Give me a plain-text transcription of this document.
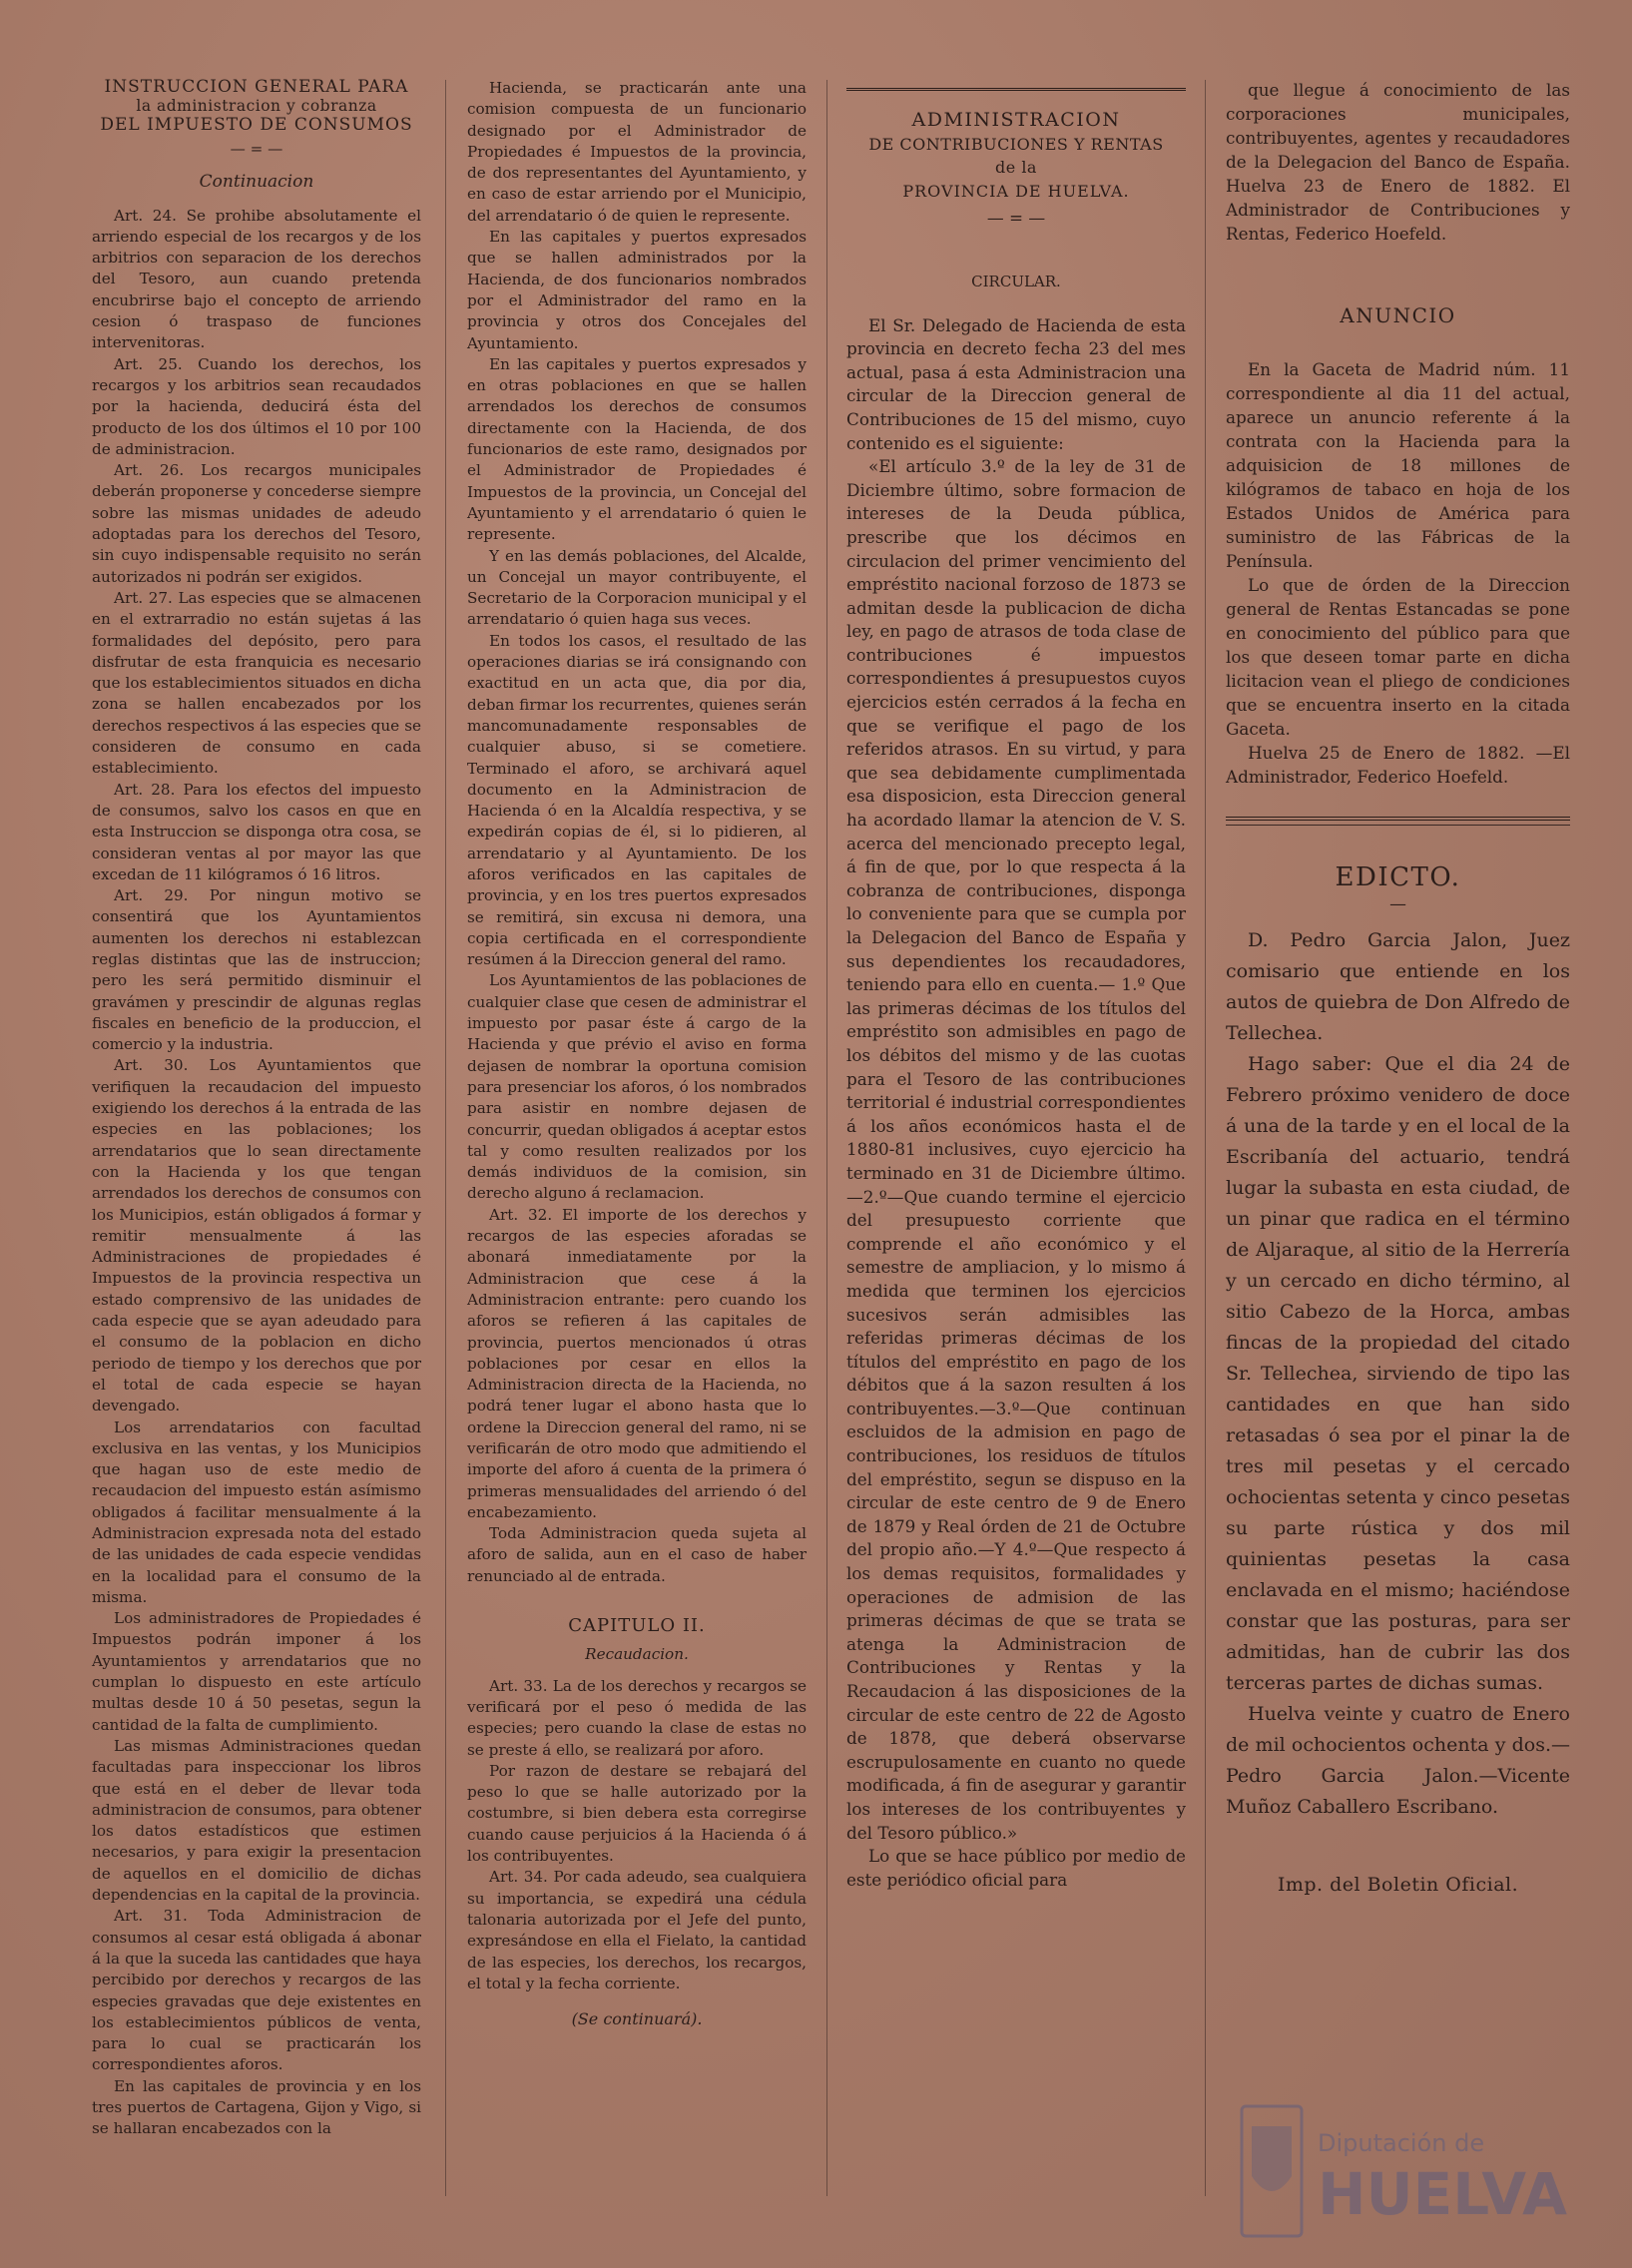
INSTRUCCION GENERAL PARA
la administracion y cobranza
DEL IMPUESTO DE CONSUMOS
— = —
Continuacion

Art. 24. Se prohibe absolutamente el arriendo especial de los recargos y de los arbitrios con separacion de los derechos del Tesoro, aun cuando pretenda encubrirse bajo el concepto de arriendo cesion ó traspaso de funciones intervenitoras.

Art. 25. Cuando los derechos, los recargos y los arbitrios sean recaudados por la hacienda, deducirá ésta del producto de los dos últimos el 10 por 100 de administracion.

Art. 26. Los recargos municipales deberán proponerse y concederse siempre sobre las mismas unidades de adeudo adoptadas para los derechos del Tesoro, sin cuyo indispensable requisito no serán autorizados ni podrán ser exigidos.

Art. 27. Las especies que se almacenen en el extrarradio no están sujetas á las formalidades del depósito, pero para disfrutar de esta franquicia es necesario que los establecimientos situados en dicha zona se hallen encabezados por los derechos respectivos á las especies que se consideren de consumo en cada establecimiento.

Art. 28. Para los efectos del impuesto de consumos, salvo los casos en que en esta Instruccion se disponga otra cosa, se consideran ventas al por mayor las que excedan de 11 kilógramos ó 16 litros.

Art. 29. Por ningun motivo se consentirá que los Ayuntamientos aumenten los derechos ni establezcan reglas distintas que las de instruccion; pero les será permitido disminuir el gravámen y prescindir de algunas reglas fiscales en beneficio de la produccion, el comercio y la industria.

Art. 30. Los Ayuntamientos que verifiquen la recaudacion del impuesto exigiendo los derechos á la entrada de las especies en las poblaciones; los arrendatarios que lo sean directamente con la Hacienda y los que tengan arrendados los derechos de consumos con los Municipios, están obligados á formar y remitir mensualmente á las Administraciones de propiedades é Impuestos de la provincia respectiva un estado comprensivo de las unidades de cada especie que se ayan adeudado para el consumo de la poblacion en dicho periodo de tiempo y los derechos que por el total de cada especie se hayan devengado.

Los arrendatarios con facultad exclusiva en las ventas, y los Municipios que hagan uso de este medio de recaudacion del impuesto están asímismo obligados á facilitar mensualmente á la Administracion expresada nota del estado de las unidades de cada especie vendidas en la localidad para el consumo de la misma.

Los administradores de Propiedades é Impuestos podrán imponer á los Ayuntamientos y arrendatarios que no cumplan lo dispuesto en este artículo multas desde 10 á 50 pesetas, segun la cantidad de la falta de cumplimiento.

Las mismas Administraciones quedan facultadas para inspeccionar los libros que está en el deber de llevar toda administracion de consumos, para obtener los datos estadísticos que estimen necesarios, y para exigir la presentacion de aquellos en el domicilio de dichas dependencias en la capital de la provincia.

Art. 31. Toda Administracion de consumos al cesar está obligada á abonar á la que la suceda las cantidades que haya percibido por derechos y recargos de las especies gravadas que deje existentes en los establecimientos públicos de venta, para lo cual se practicarán los correspondientes aforos.

En las capitales de provincia y en los tres puertos de Cartagena, Gijon y Vigo, si se hallaran encabezados con la

Hacienda, se practicarán ante una comision compuesta de un funcionario designado por el Administrador de Propiedades é Impuestos de la provincia, de dos representantes del Ayuntamiento, y en caso de estar arriendo por el Municipio, del arrendatario ó de quien le represente.

En las capitales y puertos expresados que se hallen administrados por la Hacienda, de dos funcionarios nombrados por el Administrador del ramo en la provincia y otros dos Concejales del Ayuntamiento.

En las capitales y puertos expresados y en otras poblaciones en que se hallen arrendados los derechos de consumos directamente con la Hacienda, de dos funcionarios de este ramo, designados por el Administrador de Propiedades é Impuestos de la provincia, un Concejal del Ayuntamiento y el arrendatario ó quien le represente.

Y en las demás poblaciones, del Alcalde, un Concejal un mayor contribuyente, el Secretario de la Corporacion municipal y el arrendatario ó quien haga sus veces.

En todos los casos, el resultado de las operaciones diarias se irá consignando con exactitud en un acta que, dia por dia, deban firmar los recurrentes, quienes serán mancomunadamente responsables de cualquier abuso, si se cometiere. Terminado el aforo, se archivará aquel documento en la Administracion de Hacienda ó en la Alcaldía respectiva, y se expedirán copias de él, si lo pidieren, al arrendatario y al Ayuntamiento. De los aforos verificados en las capitales de provincia, y en los tres puertos expresados se remitirá, sin excusa ni demora, una copia certificada en el correspondiente resúmen á la Direccion general del ramo.

Los Ayuntamientos de las poblaciones de cualquier clase que cesen de administrar el impuesto por pasar éste á cargo de la Hacienda y que prévio el aviso en forma dejasen de nombrar la oportuna comision para presenciar los aforos, ó los nombrados para asistir en nombre dejasen de concurrir, quedan obligados á aceptar estos tal y como resulten realizados por los demás individuos de la comision, sin derecho alguno á reclamacion.

Art. 32. El importe de los derechos y recargos de las especies aforadas se abonará inmediatamente por la Administracion que cese á la Administracion entrante: pero cuando los aforos se refieren á las capitales de provincia, puertos mencionados ú otras poblaciones por cesar en ellos la Administracion directa de la Hacienda, no podrá tener lugar el abono hasta que lo ordene la Direccion general del ramo, ni se verificarán de otro modo que admitiendo el importe del aforo á cuenta de la primera ó primeras mensualidades del arriendo ó del encabezamiento.

Toda Administracion queda sujeta al aforo de salida, aun en el caso de haber renunciado al de entrada.

CAPITULO II.
Recaudacion.

Art. 33. La de los derechos y recargos se verificará por el peso ó medida de las especies; pero cuando la clase de estas no se preste á ello, se realizará por aforo.

Por razon de destare se rebajará del peso lo que se halle autorizado por la costumbre, si bien debera esta corregirse cuando cause perjuicios á la Hacienda ó á los contribuyentes.

Art. 34. Por cada adeudo, sea cualquiera su importancia, se expedirá una cédula talonaria autorizada por el Jefe del punto, expresándose en ella el Fielato, la cantidad de las especies, los derechos, los recargos, el total y la fecha corriente.

(Se continuará).
ADMINISTRACION
DE CONTRIBUCIONES Y RENTAS
de la
PROVINCIA DE HUELVA.
— = —
CIRCULAR.

El Sr. Delegado de Hacienda de esta provincia en decreto fecha 23 del mes actual, pasa á esta Administracion una circular de la Direccion general de Contribuciones de 15 del mismo, cuyo contenido es el siguiente:

«El artículo 3.º de la ley de 31 de Diciembre último, sobre formacion de intereses de la Deuda pública, prescribe que los décimos en circulacion del primer vencimiento del empréstito nacional forzoso de 1873 se admitan desde la publicacion de dicha ley, en pago de atrasos de toda clase de contribuciones é impuestos correspondientes á presupuestos cuyos ejercicios estén cerrados á la fecha en que se verifique el pago de los referidos atrasos. En su virtud, y para que sea debidamente cumplimentada esa disposicion, esta Direccion general ha acordado llamar la atencion de V. S. acerca del mencionado precepto legal, á fin de que, por lo que respecta á la cobranza de contribuciones, disponga lo conveniente para que se cumpla por la Delegacion del Banco de España y sus dependientes los recaudadores, teniendo para ello en cuenta.— 1.º Que las primeras décimas de los títulos del empréstito son admisibles en pago de los débitos del mismo y de las cuotas para el Tesoro de las contribuciones territorial é industrial correspondientes á los años económicos hasta el de 1880-81 inclusives, cuyo ejercicio ha terminado en 31 de Diciembre último.—2.º—Que cuando termine el ejercicio del presupuesto corriente que comprende el año económico y el semestre de ampliacion, y lo mismo á medida que terminen los ejercicios sucesivos serán admisibles las referidas primeras décimas de los títulos del empréstito en pago de los débitos que á la sazon resulten á los contribuyentes.—3.º—Que continuan escluidos de la admision en pago de contribuciones, los residuos de títulos del empréstito, segun se dispuso en la circular de este centro de 9 de Enero de 1879 y Real órden de 21 de Octubre del propio año.—Y 4.º—Que respecto á los demas requisitos, formalidades y operaciones de admision de las primeras décimas de que se trata se atenga la Administracion de Contribuciones y Rentas y la Recaudacion á las disposiciones de la circular de este centro de 22 de Agosto de 1878, que deberá observarse escrupulosamente en cuanto no quede modificada, á fin de asegurar y garantir los intereses de los contribuyentes y del Tesoro público.»

Lo que se hace público por medio de este periódico oficial para

que llegue á conocimiento de las corporaciones municipales, contribuyentes, agentes y recaudadores de la Delegacion del Banco de España. Huelva 23 de Enero de 1882. El Administrador de Contribuciones y Rentas, Federico Hoefeld.

ANUNCIO

En la Gaceta de Madrid núm. 11 correspondiente al dia 11 del actual, aparece un anuncio referente á la contrata con la Hacienda para la adquisicion de 18 millones de kilógramos de tabaco en hoja de los Estados Unidos de América para suministro de las Fábricas de la Península.

Lo que de órden de la Direccion general de Rentas Estancadas se pone en conocimiento del público para que los que deseen tomar parte en dicha licitacion vean el pliego de condiciones que se encuentra inserto en la citada Gaceta.

Huelva 25 de Enero de 1882. —El Administrador, Federico Hoefeld.

EDICTO.
—

D. Pedro Garcia Jalon, Juez comisario que entiende en los autos de quiebra de Don Alfredo de Tellechea.

Hago saber: Que el dia 24 de Febrero próximo venidero de doce á una de la tarde y en el local de la Escribanía del actuario, tendrá lugar la subasta en esta ciudad, de un pinar que radica en el término de Aljaraque, al sitio de la Herrería y un cercado en dicho término, al sitio Cabezo de la Horca, ambas fincas de la propiedad del citado Sr. Tellechea, sirviendo de tipo las cantidades en que han sido retasadas ó sea por el pinar la de tres mil pesetas y el cercado ochocientas setenta y cinco pesetas su parte rústica y dos mil quinientas pesetas la casa enclavada en el mismo; haciéndose constar que las posturas, para ser admitidas, han de cubrir las dos terceras partes de dichas sumas.

Huelva veinte y cuatro de Enero de mil ochocientos ochenta y dos.—Pedro Garcia Jalon.—Vicente Muñoz Caballero Escribano.

Imp. del Boletin Oficial.
Diputación de
HUELVA
